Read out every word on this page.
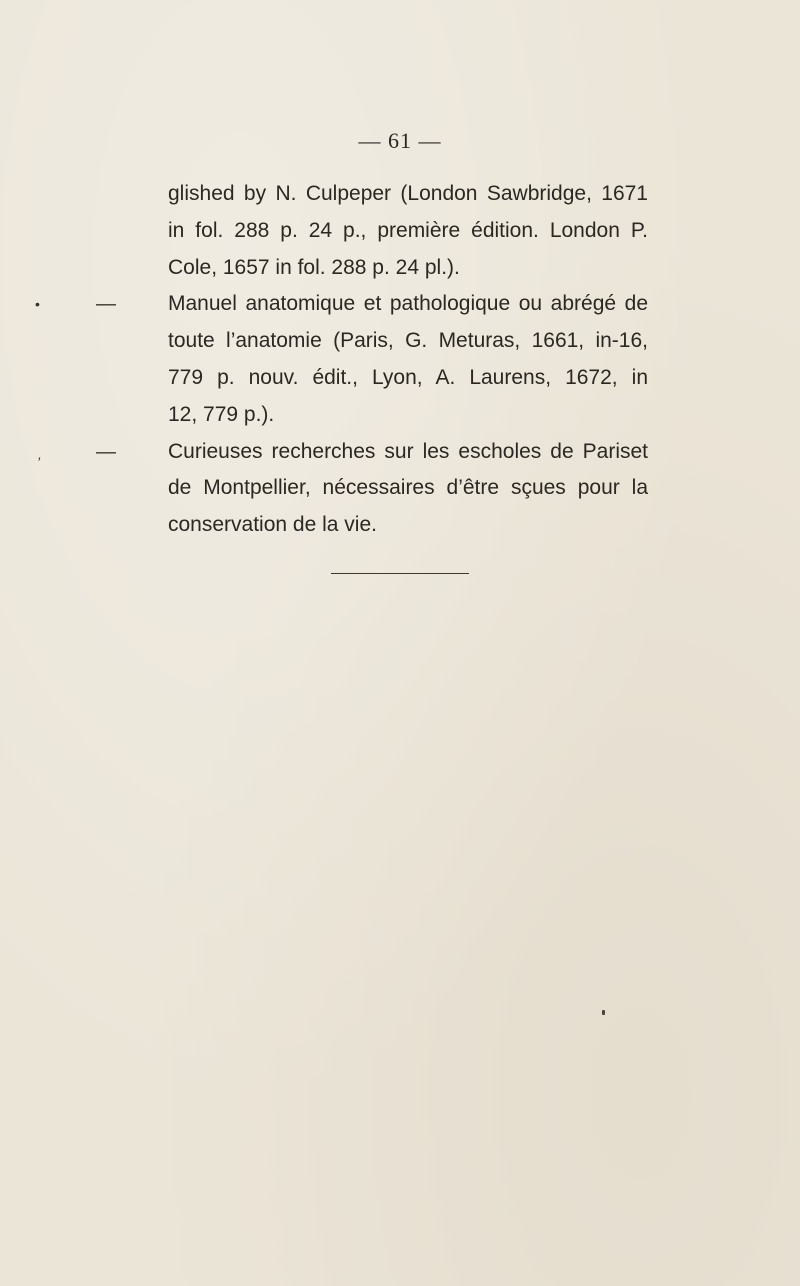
— 61 —
glished by N. Culpeper (London Sawbridge, 1671
in fol. 288 p. 24 p., première édition. London P.
Cole, 1657 in fol. 288 p. 24 pl.).
•	— Manuel anatomique et pathologique ou abrégé de
toute l’anatomie (Paris, G. Meturas, 1661, in-16,
779 p. nouv. édit., Lyon, A. Laurens, 1672, in
12, 779 p.).
,	— Curieuses recherches sur les escholes de Pariset
de Montpellier, nécessaires d’être sçues pour la
conservation de la vie.
